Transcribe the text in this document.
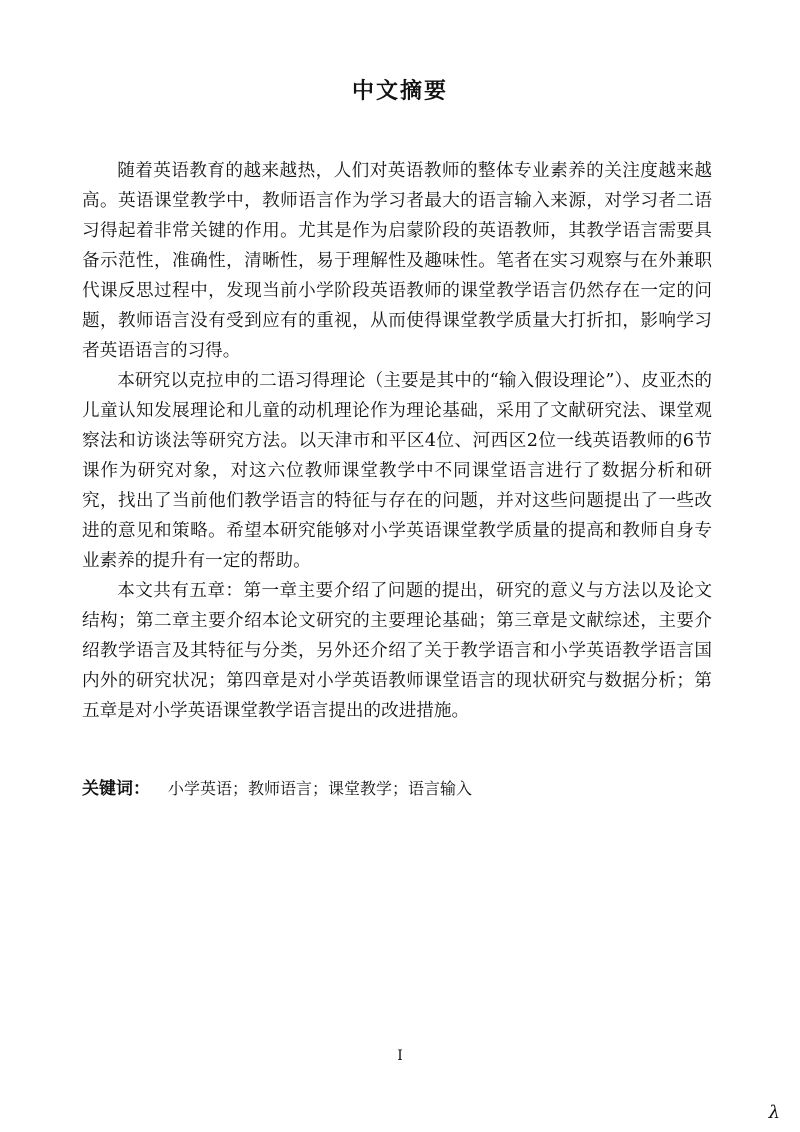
中文摘要

随着英语教育的越来越热，人们对英语教师的整体专业素养的关注度越来越高。英语课堂教学中，教师语言作为学习者最大的语言输入来源，对学习者二语习得起着非常关键的作用。尤其是作为启蒙阶段的英语教师，其教学语言需要具备示范性，准确性，清晰性，易于理解性及趣味性。笔者在实习观察与在外兼职代课反思过程中，发现当前小学阶段英语教师的课堂教学语言仍然存在一定的问题，教师语言没有受到应有的重视，从而使得课堂教学质量大打折扣，影响学习者英语语言的习得。

本研究以克拉申的二语习得理论（主要是其中的“输入假设理论”）、皮亚杰的儿童认知发展理论和儿童的动机理论作为理论基础，采用了文献研究法、课堂观察法和访谈法等研究方法。以天津市和平区4位、河西区2位一线英语教师的6节课作为研究对象，对这六位教师课堂教学中不同课堂语言进行了数据分析和研究，找出了当前他们教学语言的特征与存在的问题，并对这些问题提出了一些改进的意见和策略。希望本研究能够对小学英语课堂教学质量的提高和教师自身专业素养的提升有一定的帮助。

本文共有五章：第一章主要介绍了问题的提出，研究的意义与方法以及论文结构；第二章主要介绍本论文研究的主要理论基础；第三章是文献综述，主要介绍教学语言及其特征与分类，另外还介绍了关于教学语言和小学英语教学语言国内外的研究状况；第四章是对小学英语教师课堂语言的现状研究与数据分析；第五章是对小学英语课堂教学语言提出的改进措施。

关键词： 小学英语；教师语言；课堂教学；语言输入
I
λ
